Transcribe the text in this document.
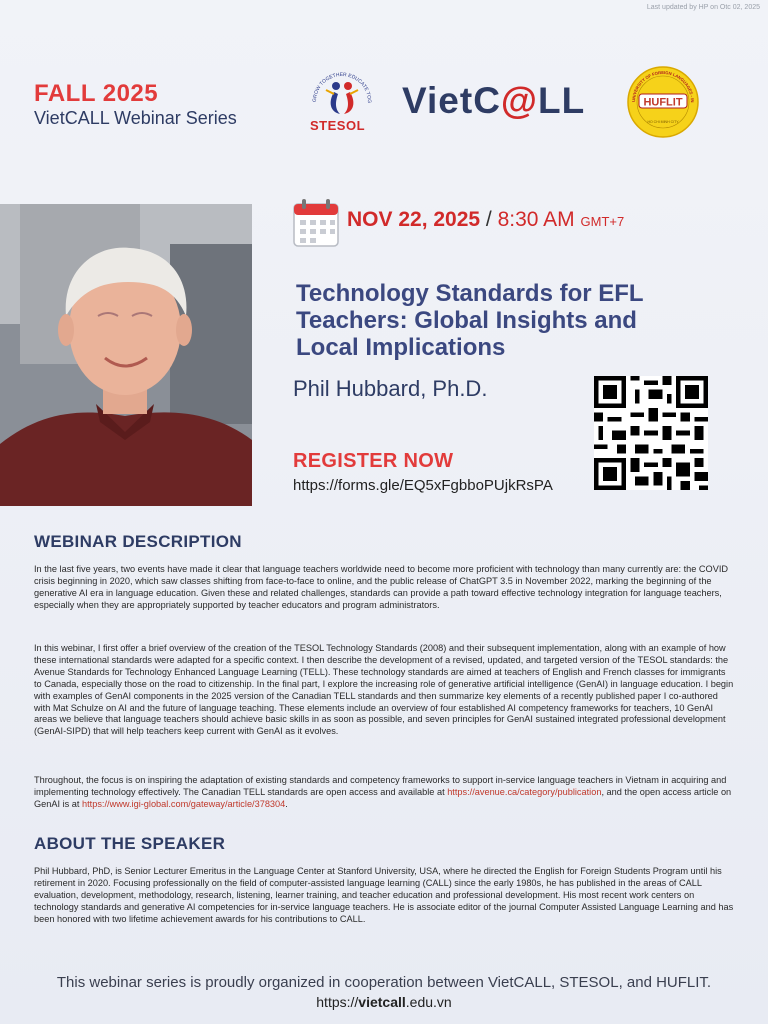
Last updated by HP on Otc 02, 2025
FALL 2025
VietCALL Webinar Series
GROW TOGETHER EDUCATE TOG
STESOL
VietC@LL	UNIVERSITY OF FOREIGN LANGUAGES - IN
HUFLIT
HO CHI MINH CITY
NOV 22, 2025 / 8:30 AM GMT+7
Technology Standards for EFL
Teachers: Global Insights and
Local Implications
Phil Hubbard, Ph.D.
REGISTER NOW
https://forms.gle/EQ5xFgbboPUjkRsPA
WEBINAR DESCRIPTION

In the last five years, two events have made it clear that language teachers worldwide need to become more proficient with technology than many currently are: the COVID crisis beginning in 2020, which saw classes shifting from face-to-face to online, and the public release of ChatGPT 3.5 in November 2022, marking the beginning of the generative AI era in language education. Given these and related challenges, standards can provide a path toward effective technology integration for language teachers, especially when they are appropriately supported by teacher educators and program administrators.

In this webinar, I first offer a brief overview of the creation of the TESOL Technology Standards (2008) and their subsequent implementation, along with an example of how these international standards were adapted for a specific context. I then describe the development of a revised, updated, and targeted version of the TESOL standards: the Avenue Standards for Technology Enhanced Language Learning (TELL). These technology standards are aimed at teachers of English and French classes for immigrants to Canada, especially those on the road to citizenship. In the final part, I explore the increasing role of generative artificial intelligence (GenAI) in language education. I begin with examples of GenAI components in the 2025 version of the Canadian TELL standards and then summarize key elements of a recently published paper I co-authored with Mat Schulze on AI and the future of language teaching. These elements include an overview of four established AI competency frameworks for teachers, 10 GenAI areas we believe that language teachers should achieve basic skills in as soon as possible, and seven principles for GenAI sustained integrated professional development (GenAI-SIPD) that will help teachers keep current with GenAI as it evolves.

Throughout, the focus is on inspiring the adaptation of existing standards and competency frameworks to support in-service language teachers in Vietnam in acquiring and implementing technology effectively. The Canadian TELL standards are open access and available at https://avenue.ca/category/publication, and the open access article on GenAI is at https://www.igi-global.com/gateway/article/378304.

ABOUT THE SPEAKER

Phil Hubbard, PhD, is Senior Lecturer Emeritus in the Language Center at Stanford University, USA, where he directed the English for Foreign Students Program until his retirement in 2020. Focusing professionally on the field of computer-assisted language learning (CALL) since the early 1980s, he has published in the areas of CALL evaluation, development, methodology, research, listening, learner training, and teacher education and professional development. His most recent work centers on technology standards and generative AI competencies for in-service language teachers. He is associate editor of the journal Computer Assisted Language Learning and has been honored with two lifetime achievement awards for his contributions to CALL.

This webinar series is proudly organized in cooperation between VietCALL, STESOL, and HUFLIT.
https://vietcall.edu.vn
